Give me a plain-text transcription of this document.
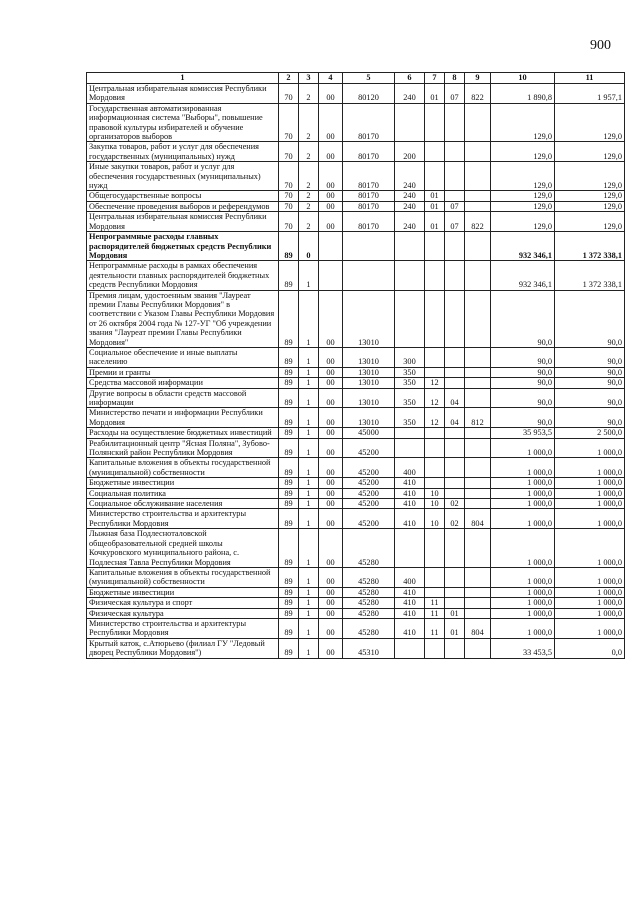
900
1	2	3	4	5	6	7	8	9	10	11
Центральная избирательная комиссия Республики Мордовия	70	2	00	80120	240	01	07	822	1 890,8	1 957,1
Государственная автоматизированная информационная система "Выборы", повышение правовой культуры избирателей и обучение организаторов выборов	70	2	00	80170					129,0	129,0
Закупка товаров, работ и услуг для обеспечения государственных (муниципальных) нужд	70	2	00	80170	200				129,0	129,0
Иные закупки товаров, работ и услуг для обеспечения государственных (муниципальных) нужд	70	2	00	80170	240				129,0	129,0
Общегосударственные вопросы	70	2	00	80170	240	01			129,0	129,0
Обеспечение проведения выборов и референдумов	70	2	00	80170	240	01	07		129,0	129,0
Центральная избирательная комиссия Республики Мордовия	70	2	00	80170	240	01	07	822	129,0	129,0
Непрограммные расходы главных распорядителей бюджетных средств Республики Мордовия	89	0							932 346,1	1 372 338,1
Непрограммные расходы в рамках обеспечения деятельности главных распорядителей бюджетных средств Республики Мордовия	89	1							932 346,1	1 372 338,1
Премия лицам, удостоенным звания "Лауреат премии Главы Республики Мордовия" в соответствии с Указом Главы Республики Мордовия от 26 октября 2004 года № 127-УГ "Об учреждении звания "Лауреат премии Главы Республики Мордовия"	89	1	00	13010					90,0	90,0
Социальное обеспечение и иные выплаты населению	89	1	00	13010	300				90,0	90,0
Премии и гранты	89	1	00	13010	350				90,0	90,0
Средства массовой информации	89	1	00	13010	350	12			90,0	90,0
Другие вопросы в области средств массовой информации	89	1	00	13010	350	12	04		90,0	90,0
Министерство печати и информации Республики Мордовия	89	1	00	13010	350	12	04	812	90,0	90,0
Расходы на осуществление бюджетных инвестиций	89	1	00	45000					35 953,5	2 500,0
Реабилитационный центр "Ясная Поляна", Зубово-Полянский район Республики Мордовия	89	1	00	45200					1 000,0	1 000,0
Капитальные вложения в объекты государственной (муниципальной) собственности	89	1	00	45200	400				1 000,0	1 000,0
Бюджетные инвестиции	89	1	00	45200	410				1 000,0	1 000,0
Социальная политика	89	1	00	45200	410	10			1 000,0	1 000,0
Социальное обслуживание населения	89	1	00	45200	410	10	02		1 000,0	1 000,0
Министерство строительства и архитектуры Республики Мордовия	89	1	00	45200	410	10	02	804	1 000,0	1 000,0
Лыжная база Подлесноталовской общеобразовательной средней школы Кочкуровского муниципального района, с. Подлесная Тавла Республики Мордовия	89	1	00	45280					1 000,0	1 000,0
Капитальные вложения в объекты государственной (муниципальной) собственности	89	1	00	45280	400				1 000,0	1 000,0
Бюджетные инвестиции	89	1	00	45280	410				1 000,0	1 000,0
Физическая культура и спорт	89	1	00	45280	410	11			1 000,0	1 000,0
Физическая культура	89	1	00	45280	410	11	01		1 000,0	1 000,0
Министерство строительства и архитектуры Республики Мордовия	89	1	00	45280	410	11	01	804	1 000,0	1 000,0
Крытый каток, с.Атюрьево (филиал ГУ "Ледовый дворец Республики Мордовия")	89	1	00	45310					33 453,5	0,0
